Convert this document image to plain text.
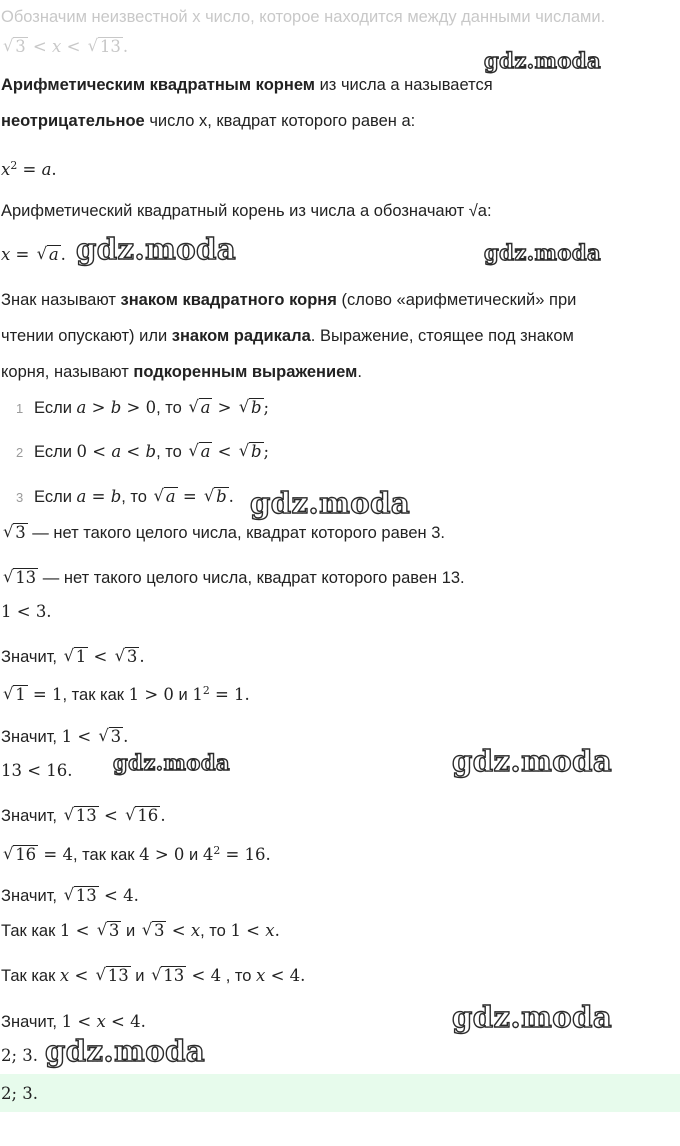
Обозначим неизвестной x число, которое находится между данными числами.
√ 3 < x < √ 13 .
Арифметическим квадратным корнем из числа a называется
неотрицательное число x, квадрат которого равен a:
$x^2 = a$.
Арифметический квадратный корень из числа a обозначают √a:
x = √ a .
Знак называют знаком квадратного корня (слово «арифметический» при
чтении опускают) или знаком радикала. Выражение, стоящее под знаком
корня, называют подкоренным выражением.
1 Если a > b > 0, то √ a > √ b ;
2 Если 0 < a < b, то √ a < √ b ;
3 Если a = b, то √ a = √ b .
√ 3 — нет такого целого числа, квадрат которого равен 3.
√ 13 — нет такого целого числа, квадрат которого равен 13.
1 < 3.
Значит, √ 1 < √ 3 .
√ 1 = 1, так как 1 > 0 и $1^2 = 1$.
Значит, 1 < √ 3 .
13 < 16.
Значит, √ 13 < √ 16 .
√ 16 = 4, так как 4 > 0 и $4^2 = 16$.
Значит, √ 13 < 4.
Так как 1 < √ 3 и √ 3 < x, то 1 < x.
Так как x < √ 13 и √ 13 < 4 , то x < 4.
Значит, 1 < x < 4.
2; 3.
2; 3.
gdz.moda
gdz.moda	gdz.moda
gdz.moda
gdz.moda	gdz.moda
gdz.moda
gdz.moda
